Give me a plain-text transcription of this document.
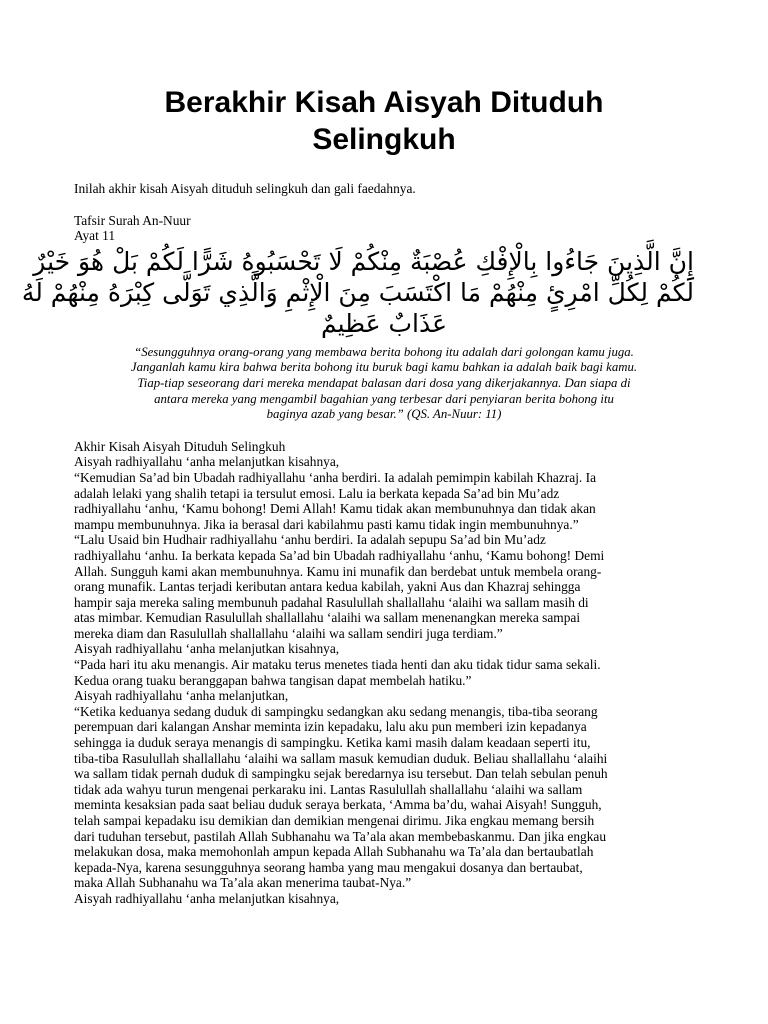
Berakhir Kisah Aisyah Dituduh
Selingkuh
Inilah akhir kisah Aisyah dituduh selingkuh dan gali faedahnya.
Tafsir Surah An-Nuur
Ayat 11
إِنَّ الَّذِينَ جَاءُوا بِالْإِفْكِ عُصْبَةٌ مِنْكُمْ لَا تَحْسَبُوهُ شَرًّا لَكُمْ بَلْ هُوَ خَيْرٌ
لَكُمْ لِكُلِّ امْرِئٍ مِنْهُمْ مَا اكْتَسَبَ مِنَ الْإِثْمِ وَالَّذِي تَوَلَّى كِبْرَهُ مِنْهُمْ لَهُ
عَذَابٌ عَظِيمٌ
“Sesungguhnya orang-orang yang membawa berita bohong itu adalah dari golongan kamu juga.
Janganlah kamu kira bahwa berita bohong itu buruk bagi kamu bahkan ia adalah baik bagi kamu.
Tiap-tiap seseorang dari mereka mendapat balasan dari dosa yang dikerjakannya. Dan siapa di
antara mereka yang mengambil bagahian yang terbesar dari penyiaran berita bohong itu
baginya azab yang besar.” (QS. An-Nuur: 11)
Akhir Kisah Aisyah Dituduh Selingkuh
Aisyah radhiyallahu ‘anha melanjutkan kisahnya,
“Kemudian Sa’ad bin Ubadah radhiyallahu ‘anha berdiri. Ia adalah pemimpin kabilah Khazraj. Ia
adalah lelaki yang shalih tetapi ia tersulut emosi. Lalu ia berkata kepada Sa’ad bin Mu’adz
radhiyallahu ‘anhu, ‘Kamu bohong! Demi Allah! Kamu tidak akan membunuhnya dan tidak akan
mampu membunuhnya. Jika ia berasal dari kabilahmu pasti kamu tidak ingin membunuhnya.”
“Lalu Usaid bin Hudhair radhiyallahu ‘anhu berdiri. Ia adalah sepupu Sa’ad bin Mu’adz
radhiyallahu ‘anhu. Ia berkata kepada Sa’ad bin Ubadah radhiyallahu ‘anhu, ‘Kamu bohong! Demi
Allah. Sungguh kami akan membunuhnya. Kamu ini munafik dan berdebat untuk membela orang-
orang munafik. Lantas terjadi keributan antara kedua kabilah, yakni Aus dan Khazraj sehingga
hampir saja mereka saling membunuh padahal Rasulullah shallallahu ‘alaihi wa sallam masih di
atas mimbar. Kemudian Rasulullah shallallahu ‘alaihi wa sallam menenangkan mereka sampai
mereka diam dan Rasulullah shallallahu ‘alaihi wa sallam sendiri juga terdiam.”
Aisyah radhiyallahu ‘anha melanjutkan kisahnya,
“Pada hari itu aku menangis. Air mataku terus menetes tiada henti dan aku tidak tidur sama sekali.
Kedua orang tuaku beranggapan bahwa tangisan dapat membelah hatiku.”
Aisyah radhiyallahu ‘anha melanjutkan,
“Ketika keduanya sedang duduk di sampingku sedangkan aku sedang menangis, tiba-tiba seorang
perempuan dari kalangan Anshar meminta izin kepadaku, lalu aku pun memberi izin kepadanya
sehingga ia duduk seraya menangis di sampingku. Ketika kami masih dalam keadaan seperti itu,
tiba-tiba Rasulullah shallallahu ‘alaihi wa sallam masuk kemudian duduk. Beliau shallallahu ‘alaihi
wa sallam tidak pernah duduk di sampingku sejak beredarnya isu tersebut. Dan telah sebulan penuh
tidak ada wahyu turun mengenai perkaraku ini. Lantas Rasulullah shallallahu ‘alaihi wa sallam
meminta kesaksian pada saat beliau duduk seraya berkata, ‘Amma ba’du, wahai Aisyah! Sungguh,
telah sampai kepadaku isu demikian dan demikian mengenai dirimu. Jika engkau memang bersih
dari tuduhan tersebut, pastilah Allah Subhanahu wa Ta’ala akan membebaskanmu. Dan jika engkau
melakukan dosa, maka memohonlah ampun kepada Allah Subhanahu wa Ta’ala dan bertaubatlah
kepada-Nya, karena sesungguhnya seorang hamba yang mau mengakui dosanya dan bertaubat,
maka Allah Subhanahu wa Ta’ala akan menerima taubat-Nya.”
Aisyah radhiyallahu ‘anha melanjutkan kisahnya,
